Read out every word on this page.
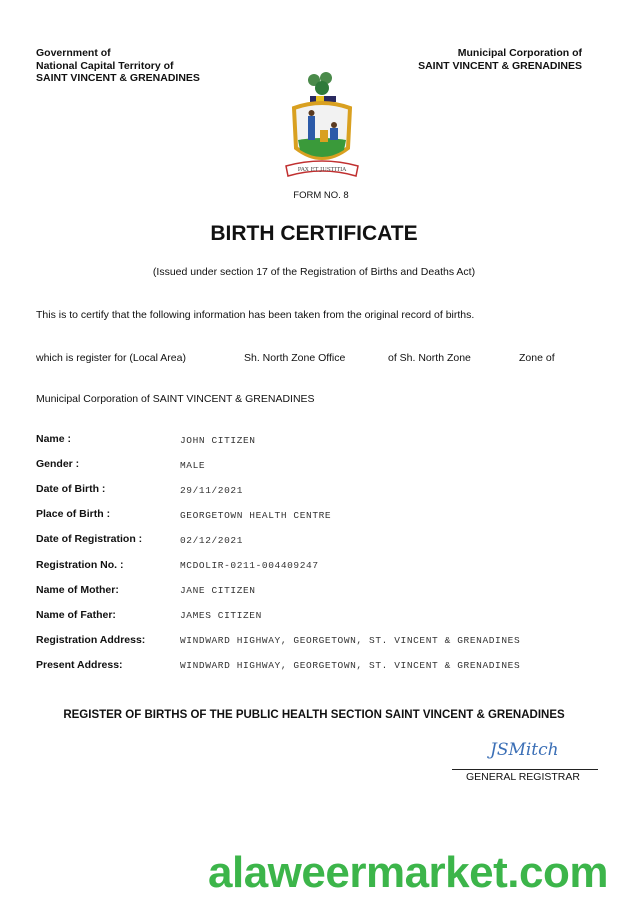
Government of
National Capital Territory of
SAINT VINCENT & GRENADINES
Municipal Corporation of
SAINT VINCENT & GRENADINES
PAX ET JUSTITIA
FORM NO. 8
BIRTH CERTIFICATE
(Issued under section 17 of the Registration of Births and Deaths Act)
This is to certify that the following information has been taken from the original record of births.
which is register for (Local Area)	Sh. North Zone Office	of Sh. North Zone	Zone of
Municipal Corporation of SAINT VINCENT & GRENADINES
Name :	JOHN CITIZEN
Gender :	MALE
Date of Birth :	29/11/2021
Place of Birth :	GEORGETOWN HEALTH CENTRE
Date of Registration :	02/12/2021
Registration No. :	MCDOLIR-0211-004409247
Name of Mother:	JANE CITIZEN
Name of Father:	JAMES CITIZEN
Registration Address:	WINDWARD HIGHWAY, GEORGETOWN, ST. VINCENT & GRENADINES
Present Address:	WINDWARD HIGHWAY, GEORGETOWN, ST. VINCENT & GRENADINES
REGISTER OF BIRTHS OF THE PUBLIC HEALTH SECTION SAINT VINCENT & GRENADINES
JSMitch
GENERAL REGISTRAR
alaweermarket.com
